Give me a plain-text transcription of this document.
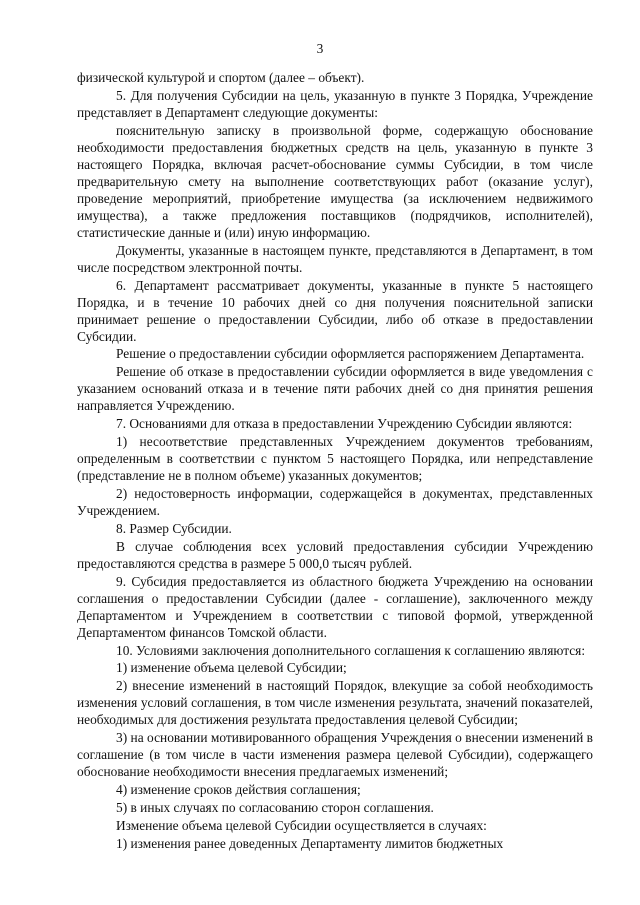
3

физической культурой и спортом (далее – объект).

5. Для получения Субсидии на цель, указанную в пункте 3 Порядка, Учреждение представляет в Департамент следующие документы:

пояснительную записку в произвольной форме, содержащую обоснование необходимости предоставления бюджетных средств на цель, указанную в пункте 3 настоящего Порядка, включая расчет-обоснование суммы Субсидии, в том числе предварительную смету на выполнение соответствующих работ (оказание услуг), проведение мероприятий, приобретение имущества (за исключением недвижимого имущества), а также предложения поставщиков (подрядчиков, исполнителей), статистические данные и (или) иную информацию.

Документы, указанные в настоящем пункте, представляются в Департамент, в том числе посредством электронной почты.

6. Департамент рассматривает документы, указанные в пункте 5 настоящего Порядка, и в течение 10 рабочих дней со дня получения пояснительной записки принимает решение о предоставлении Субсидии, либо об отказе в предоставлении Субсидии.

Решение о предоставлении субсидии оформляется распоряжением Департамента.

Решение об отказе в предоставлении субсидии оформляется в виде уведомления с указанием оснований отказа и в течение пяти рабочих дней со дня принятия решения направляется Учреждению.

7. Основаниями для отказа в предоставлении Учреждению Субсидии являются:

1) несоответствие представленных Учреждением документов требованиям, определенным в соответствии с пунктом 5 настоящего Порядка, или непредставление (представление не в полном объеме) указанных документов;

2) недостоверность информации, содержащейся в документах, представленных Учреждением.

8. Размер Субсидии.

В случае соблюдения всех условий предоставления субсидии Учреждению предоставляются средства в размере 5 000,0 тысяч рублей.

9. Субсидия предоставляется из областного бюджета Учреждению на основании соглашения о предоставлении Субсидии (далее - соглашение), заключенного между Департаментом и Учреждением в соответствии с типовой формой, утвержденной Департаментом финансов Томской области.

10. Условиями заключения дополнительного соглашения к соглашению являются:

1) изменение объема целевой Субсидии;

2) внесение изменений в настоящий Порядок, влекущие за собой необходимость изменения условий соглашения, в том числе изменения результата, значений показателей, необходимых для достижения результата предоставления целевой Субсидии;

3) на основании мотивированного обращения Учреждения о внесении изменений в соглашение (в том числе в части изменения размера целевой Субсидии), содержащего обоснование необходимости внесения предлагаемых изменений;

4) изменение сроков действия соглашения;

5) в иных случаях по согласованию сторон соглашения.

Изменение объема целевой Субсидии осуществляется в случаях:

1) изменения ранее доведенных Департаменту лимитов бюджетных
